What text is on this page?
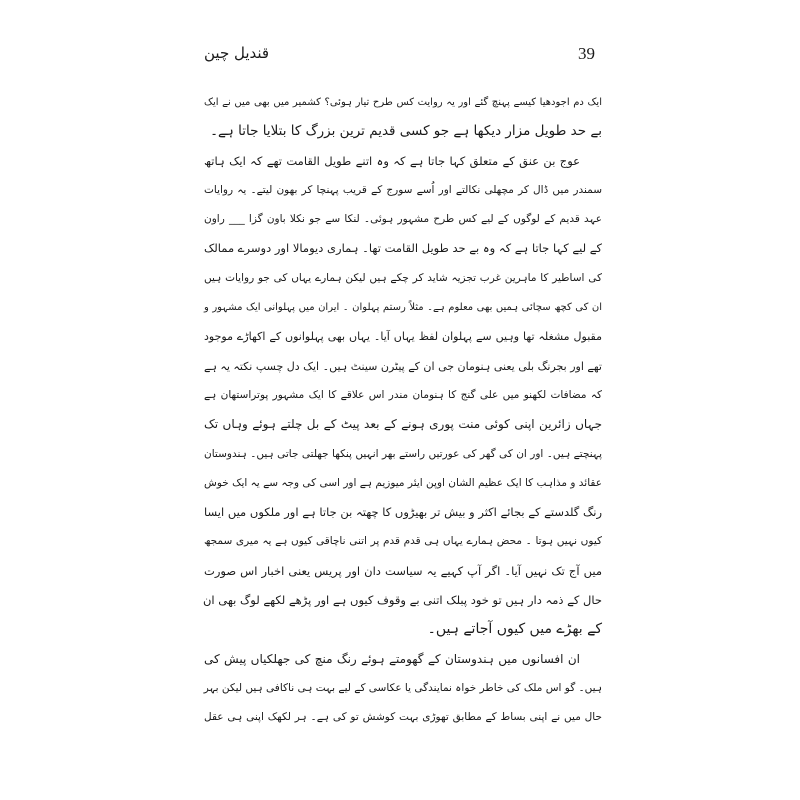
قندیل چین	39
ایک دم اجودھیا کیسے پہنچ گئے اور یہ روایت کس طرح تیار ہوئی؟ کشمیر میں بھی میں نے ایک
بے حد طویل مزار دیکھا ہے جو کسی قدیم ترین بزرگ کا بتلایا جاتا ہے۔
عوج بن عنق کے متعلق کہا جاتا ہے کہ وہ اتنے طویل القامت تھے کہ ایک ہاتھ
سمندر میں ڈال کر مچھلی نکالتے اور اُسے سورج کے قریب پہنچا کر بھون لیتے۔ یہ روایات
عہد قدیم کے لوگوں کے لیے کس طرح مشہور ہوئی۔ لنکا سے جو نکلا باون گزا ___ راون
کے لیے کہا جاتا ہے کہ وہ بے حد طویل القامت تھا۔ ہماری دیومالا اور دوسرے ممالک
کی اساطیر کا ماہرین غرب تجزیہ شاید کر چکے ہیں لیکن ہمارے یہاں کی جو روایات ہیں
ان کی کچھ سچائی ہمیں بھی معلوم ہے۔ مثلاً رستم پہلوان ۔ ایران میں پہلوانی ایک مشہور و
مقبول مشغلہ تھا وہیں سے پہلوان لفظ یہاں آیا۔ یہاں بھی پہلوانوں کے اکھاڑے موجود
تھے اور بجرنگ بلی یعنی ہنومان جی ان کے پیٹرن سینٹ ہیں۔ ایک دل چسپ نکتہ یہ ہے
کہ مضافات لکھنو میں علی گنج کا ہنومان مندر اس علاقے کا ایک مشہور پوتراستھان ہے
جہاں زائرین اپنی کوئی منت پوری ہونے کے بعد پیٹ کے بل چلتے ہوئے وہاں تک
پہنچتے ہیں۔ اور ان کی گھر کی عورتیں راستے بھر انہیں پنکھا جھلتی جاتی ہیں۔ ہندوستان
عقائد و مذاہب کا ایک عظیم الشان اوپن ایئر میوزیم ہے اور اسی کی وجہ سے یہ ایک خوش
رنگ گلدستے کے بجائے اکثر و بیش تر بھیڑوں کا چھتہ بن جاتا ہے اور ملکوں میں ایسا
کیوں نہیں ہوتا ۔ محض ہمارے یہاں ہی قدم قدم پر اتنی ناچاقی کیوں ہے یہ میری سمجھ
میں آج تک نہیں آیا۔ اگر آپ کہیے یہ سیاست دان اور پریس یعنی اخبار اس صورت
حال کے ذمہ دار ہیں تو خود پبلک اتنی بے وقوف کیوں ہے اور پڑھے لکھے لوگ بھی ان
کے بھڑے میں کیوں آجاتے ہیں۔
ان افسانوں میں ہندوستان کے گھومتے ہوئے رنگ منچ کی جھلکیاں پیش کی
ہیں۔ گو اس ملک کی خاطر خواہ نمایندگی یا عکاسی کے لیے بہت ہی ناکافی ہیں لیکن بہر
حال میں نے اپنی بساط کے مطابق تھوڑی بہت کوشش تو کی ہے۔ ہر لکھک اپنی ہی عقل
